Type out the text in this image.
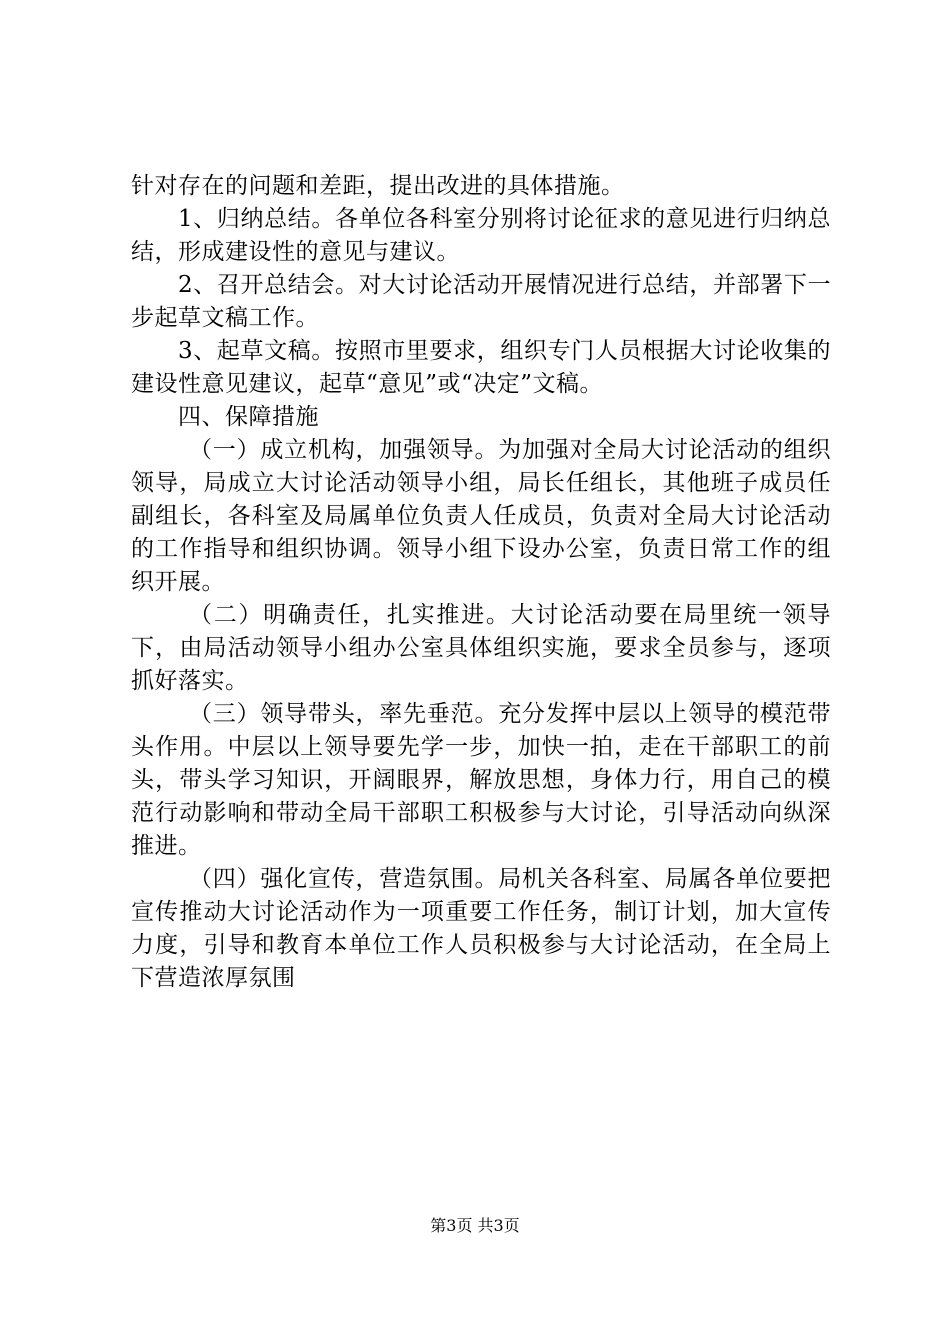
针对存在的问题和差距，提出改进的具体措施。

1、归纳总结。各单位各科室分别将讨论征求的意见进行归纳总结，形成建设性的意见与建议。

2、召开总结会。对大讨论活动开展情况进行总结，并部署下一步起草文稿工作。

3、起草文稿。按照市里要求，组织专门人员根据大讨论收集的建设性意见建议，起草“意见”或“决定”文稿。

四、保障措施

（一）成立机构，加强领导。为加强对全局大讨论活动的组织领导，局成立大讨论活动领导小组，局长任组长，其他班子成员任副组长，各科室及局属单位负责人任成员，负责对全局大讨论活动的工作指导和组织协调。领导小组下设办公室，负责日常工作的组织开展。

（二）明确责任，扎实推进。大讨论活动要在局里统一领导下，由局活动领导小组办公室具体组织实施，要求全员参与，逐项抓好落实。

（三）领导带头，率先垂范。充分发挥中层以上领导的模范带头作用。中层以上领导要先学一步，加快一拍，走在干部职工的前头，带头学习知识，开阔眼界，解放思想，身体力行，用自己的模范行动影响和带动全局干部职工积极参与大讨论，引导活动向纵深推进。

（四）强化宣传，营造氛围。局机关各科室、局属各单位要把宣传推动大讨论活动作为一项重要工作任务，制订计划，加大宣传力度，引导和教育本单位工作人员积极参与大讨论活动，在全局上下营造浓厚氛围

第3页 共3页
